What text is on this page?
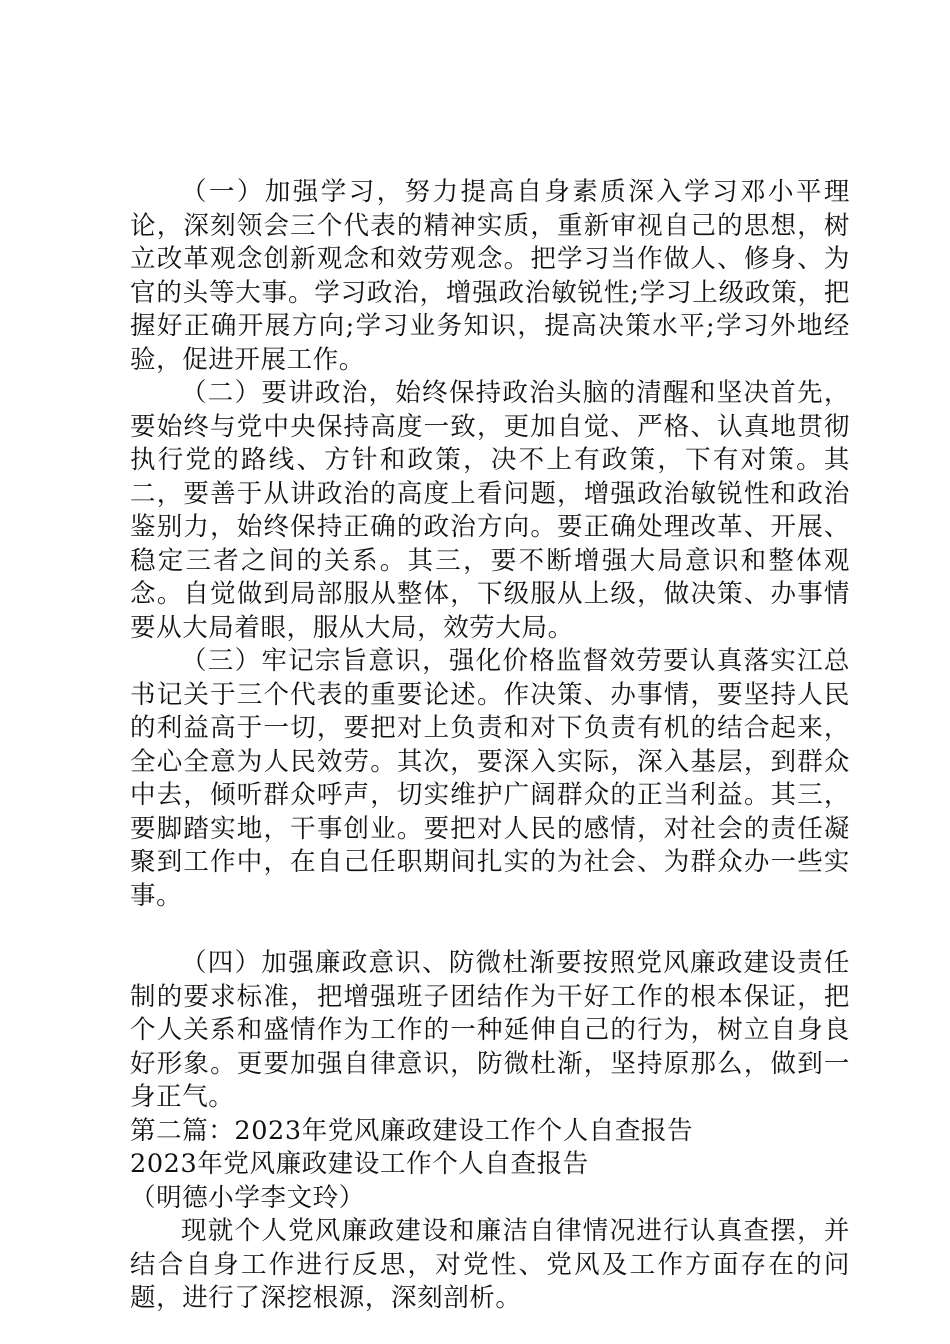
（一）加强学习，努力提高自身素质深入学习邓小平理论，深刻领会三个代表的精神实质，重新审视自己的思想，树立改革观念创新观念和效劳观念。把学习当作做人、修身、为官的头等大事。学习政治，增强政治敏锐性;学习上级政策，把握好正确开展方向;学习业务知识，提高决策水平;学习外地经验，促进开展工作。

（二）要讲政治，始终保持政治头脑的清醒和坚决首先，要始终与党中央保持高度一致，更加自觉、严格、认真地贯彻执行党的路线、方针和政策，决不上有政策，下有对策。其二，要善于从讲政治的高度上看问题，增强政治敏锐性和政治鉴别力，始终保持正确的政治方向。要正确处理改革、开展、稳定三者之间的关系。其三，要不断增强大局意识和整体观念。自觉做到局部服从整体，下级服从上级，做决策、办事情要从大局着眼，服从大局，效劳大局。

（三）牢记宗旨意识，强化价格监督效劳要认真落实江总书记关于三个代表的重要论述。作决策、办事情，要坚持人民的利益高于一切，要把对上负责和对下负责有机的结合起来，全心全意为人民效劳。其次，要深入实际，深入基层，到群众中去，倾听群众呼声，切实维护广阔群众的正当利益。其三，要脚踏实地，干事创业。要把对人民的感情，对社会的责任凝聚到工作中，在自己任职期间扎实的为社会、为群众办一些实事。

（四）加强廉政意识、防微杜渐要按照党风廉政建设责任制的要求标准，把增强班子团结作为干好工作的根本保证，把个人关系和盛情作为工作的一种延伸自己的行为，树立自身良好形象。更要加强自律意识，防微杜渐，坚持原那么，做到一身正气。

第二篇：2023年党风廉政建设工作个人自查报告

2023年党风廉政建设工作个人自查报告

（明德小学李文玲）

现就个人党风廉政建设和廉洁自律情况进行认真查摆，并结合自身工作进行反思，对党性、党风及工作方面存在的问题，进行了深挖根源，深刻剖析。
